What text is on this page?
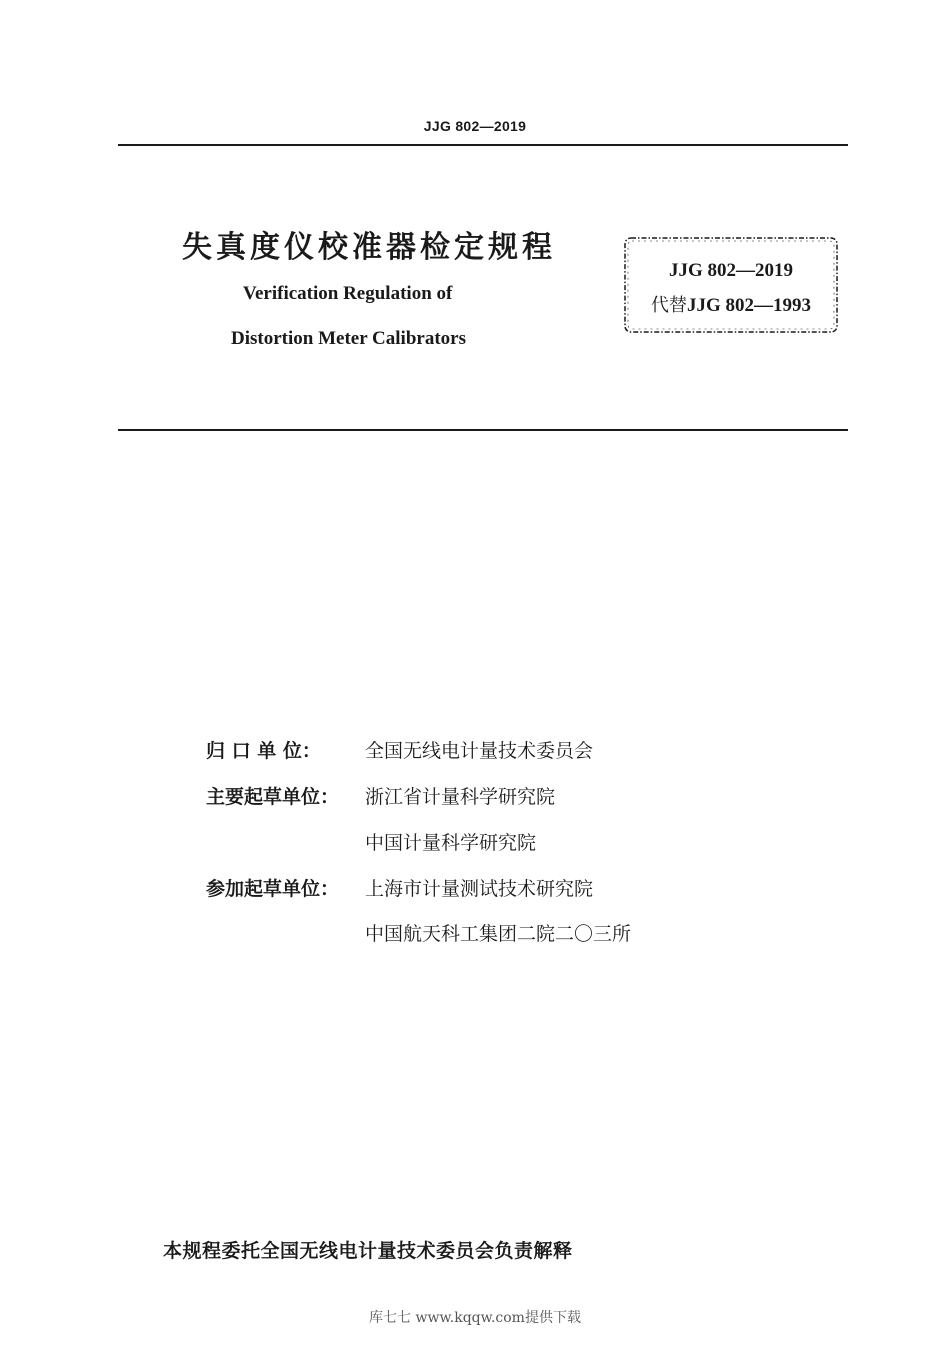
JJG 802—2019
失真度仪校准器检定规程
Verification Regulation of
Distortion Meter Calibrators
JJG 802—2019
代替JJG 802—1993
归 口 单 位： 全国无线电计量技术委员会
主要起草单位： 浙江省计量科学研究院
中国计量科学研究院
参加起草单位： 上海市计量测试技术研究院
中国航天科工集团二院二〇三所
本规程委托全国无线电计量技术委员会负责解释
库七七 www.kqqw.com提供下载
